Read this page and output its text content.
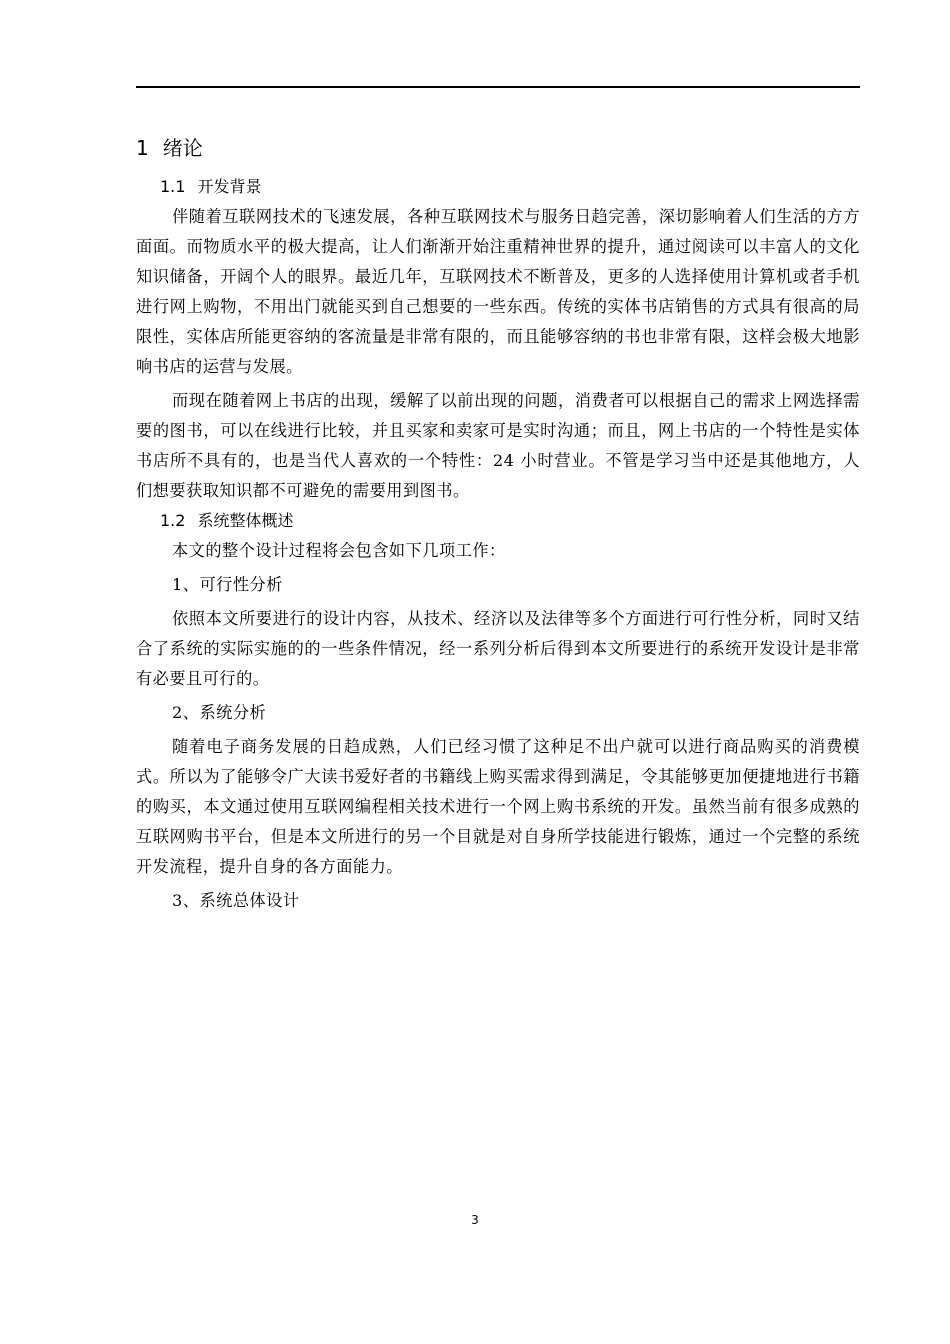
1 绪论
1.1 开发背景

伴随着互联网技术的飞速发展，各种互联网技术与服务日趋完善，深切影响着人们生活的方方面面。而物质水平的极大提高，让人们渐渐开始注重精神世界的提升，通过阅读可以丰富人的文化知识储备，开阔个人的眼界。最近几年，互联网技术不断普及，更多的人选择使用计算机或者手机进行网上购物，不用出门就能买到自己想要的一些东西。传统的实体书店销售的方式具有很高的局限性，实体店所能更容纳的客流量是非常有限的，而且能够容纳的书也非常有限，这样会极大地影响书店的运营与发展。

而现在随着网上书店的出现，缓解了以前出现的问题，消费者可以根据自己的需求上网选择需要的图书，可以在线进行比较，并且买家和卖家可是实时沟通；而且，网上书店的一个特性是实体书店所不具有的，也是当代人喜欢的一个特性：24 小时营业。不管是学习当中还是其他地方，人们想要获取知识都不可避免的需要用到图书。

1.2 系统整体概述

本文的整个设计过程将会包含如下几项工作：

1、可行性分析

依照本文所要进行的设计内容，从技术、经济以及法律等多个方面进行可行性分析，同时又结合了系统的实际实施的的一些条件情况，经一系列分析后得到本文所要进行的系统开发设计是非常有必要且可行的。

2、系统分析

随着电子商务发展的日趋成熟，人们已经习惯了这种足不出户就可以进行商品购买的消费模式。所以为了能够令广大读书爱好者的书籍线上购买需求得到满足，令其能够更加便捷地进行书籍的购买，本文通过使用互联网编程相关技术进行一个网上购书系统的开发。虽然当前有很多成熟的互联网购书平台，但是本文所进行的另一个目就是对自身所学技能进行锻炼，通过一个完整的系统开发流程，提升自身的各方面能力。

3、系统总体设计

3
